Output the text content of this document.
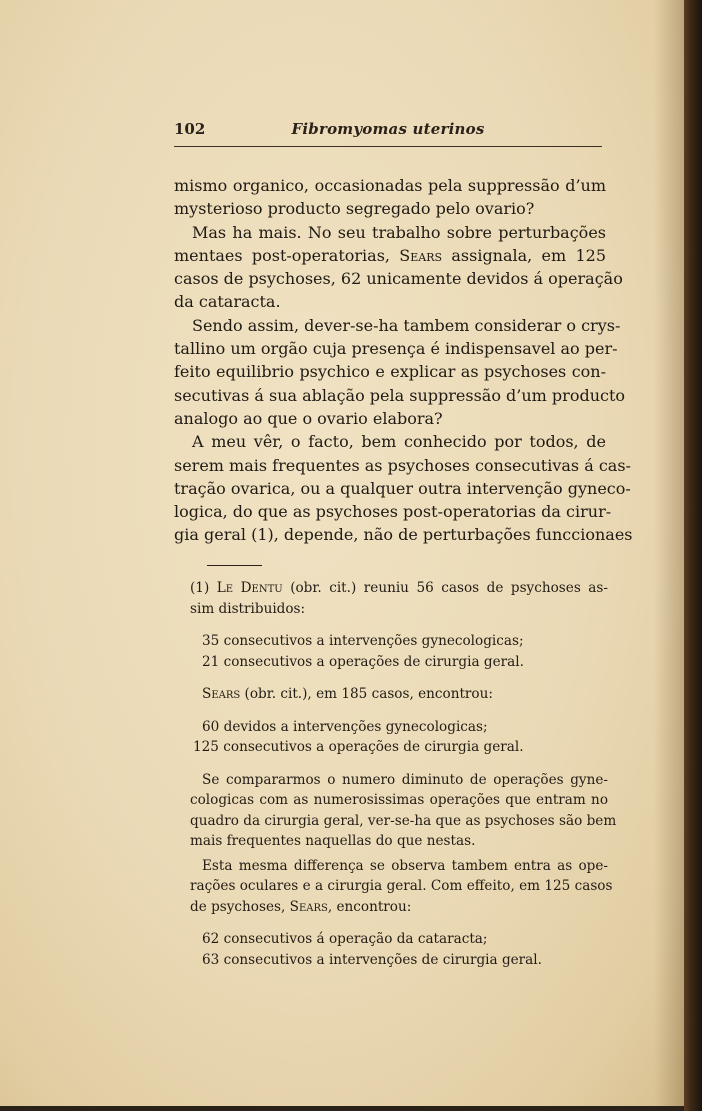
102	Fibromyomas uterinos
mismo organico, occasionadas pela suppressão d’um
mysterioso producto segregado pelo ovario?
Mas ha mais. No seu trabalho sobre perturbações
mentaes post-operatorias, Sears assignala, em 125
casos de psychoses, 62 unicamente devidos á operação
da cataracta.
Sendo assim, dever-se-ha tambem considerar o crys-
tallino um orgão cuja presença é indispensavel ao per-
feito equilibrio psychico e explicar as psychoses con-
secutivas á sua ablação pela suppressão d’um producto
analogo ao que o ovario elabora?
A meu vêr, o facto, bem conhecido por todos, de
serem mais frequentes as psychoses consecutivas á cas-
tração ovarica, ou a qualquer outra intervenção gyneco-
logica, do que as psychoses post-operatorias da cirur-
gia geral (1), depende, não de perturbações funccionaes
(1) Le Dentu (obr. cit.) reuniu 56 casos de psychoses as-
sim distribuidos:
35 consecutivos a intervenções gynecologicas;
21 consecutivos a operações de cirurgia geral.
Sears (obr. cit.), em 185 casos, encontrou:
60 devidos a intervenções gynecologicas;
125 consecutivos a operações de cirurgia geral.
Se compararmos o numero diminuto de operações gyne-
cologicas com as numerosissimas operações que entram no
quadro da cirurgia geral, ver-se-ha que as psychoses são bem
mais frequentes naquellas do que nestas.
Esta mesma differença se observa tambem entra as ope-
rações oculares e a cirurgia geral. Com effeito, em 125 casos
de psychoses, Sears, encontrou:
62 consecutivos á operação da cataracta;
63 consecutivos a intervenções de cirurgia geral.
